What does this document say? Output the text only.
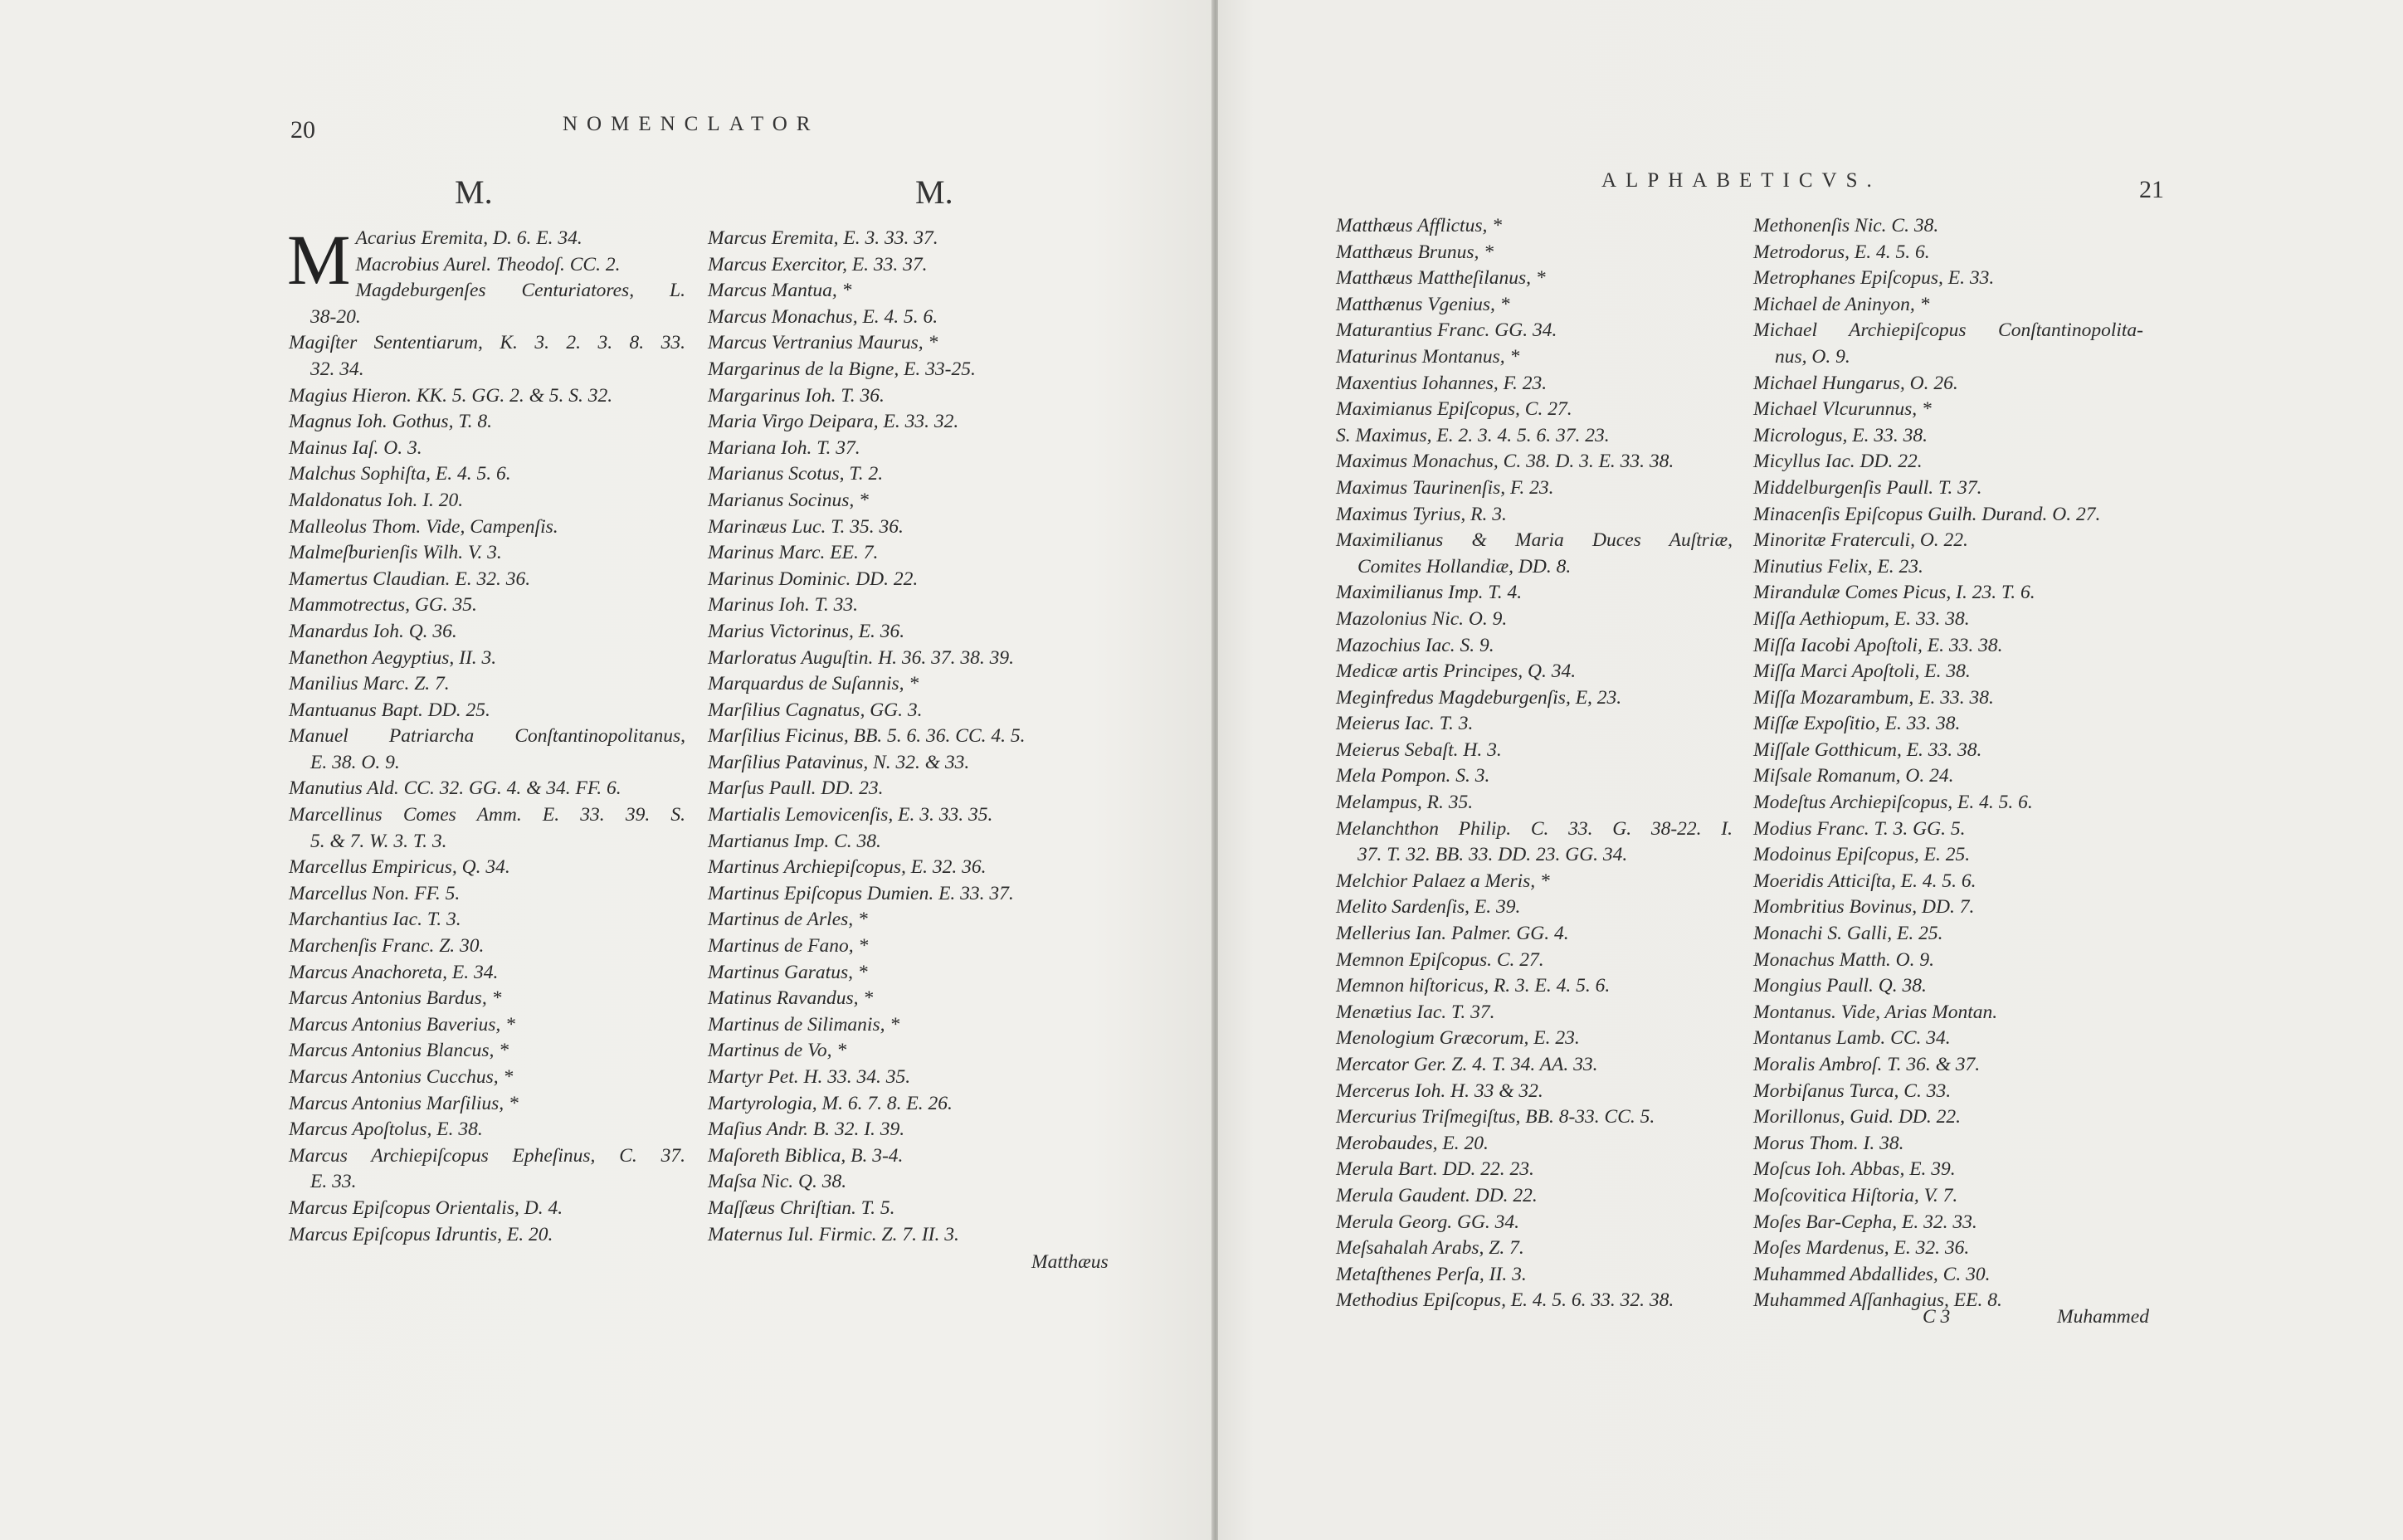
20	NOMENCLATOR
M.	M.
M Acarius Eremita, D. 6. E. 34.
Macrobius Aurel. Theodoſ. CC. 2.
Magdeburgenſes Centuriatores, L.
38-20.
Magiſter Sententiarum, K. 3. 2. 3. 8. 33.
32. 34.
Magius Hieron. KK. 5. GG. 2. & 5. S. 32.
Magnus Ioh. Gothus, T. 8.
Mainus Iaſ. O. 3.
Malchus Sophiſta, E. 4. 5. 6.
Maldonatus Ioh. I. 20.
Malleolus Thom. Vide, Campenſis.
Malmeſburienſis Wilh. V. 3.
Mamertus Claudian. E. 32. 36.
Mammotrectus, GG. 35.
Manardus Ioh. Q. 36.
Manethon Aegyptius, II. 3.
Manilius Marc. Z. 7.
Mantuanus Bapt. DD. 25.
Manuel Patriarcha Conſtantinopolitanus,
E. 38. O. 9.
Manutius Ald. CC. 32. GG. 4. & 34. FF. 6.
Marcellinus Comes Amm. E. 33. 39. S.
5. & 7. W. 3. T. 3.
Marcellus Empiricus, Q. 34.
Marcellus Non. FF. 5.
Marchantius Iac. T. 3.
Marchenſis Franc. Z. 30.
Marcus Anachoreta, E. 34.
Marcus Antonius Bardus, *
Marcus Antonius Baverius, *
Marcus Antonius Blancus, *
Marcus Antonius Cucchus, *
Marcus Antonius Marſilius, *
Marcus Apoſtolus, E. 38.
Marcus Archiepiſcopus Epheſinus, C. 37.
E. 33.
Marcus Epiſcopus Orientalis, D. 4.
Marcus Epiſcopus Idruntis, E. 20.
Marcus Eremita, E. 3. 33. 37.
Marcus Exercitor, E. 33. 37.
Marcus Mantua, *
Marcus Monachus, E. 4. 5. 6.
Marcus Vertranius Maurus, *
Margarinus de la Bigne, E. 33-25.
Margarinus Ioh. T. 36.
Maria Virgo Deipara, E. 33. 32.
Mariana Ioh. T. 37.
Marianus Scotus, T. 2.
Marianus Socinus, *
Marinæus Luc. T. 35. 36.
Marinus Marc. EE. 7.
Marinus Dominic. DD. 22.
Marinus Ioh. T. 33.
Marius Victorinus, E. 36.
Marloratus Auguſtin. H. 36. 37. 38. 39.
Marquardus de Suſannis, *
Marſilius Cagnatus, GG. 3.
Marſilius Ficinus, BB. 5. 6. 36. CC. 4. 5.
Marſilius Patavinus, N. 32. & 33.
Marſus Paull. DD. 23.
Martialis Lemovicenſis, E. 3. 33. 35.
Martianus Imp. C. 38.
Martinus Archiepiſcopus, E. 32. 36.
Martinus Epiſcopus Dumien. E. 33. 37.
Martinus de Arles, *
Martinus de Fano, *
Martinus Garatus, *
Matinus Ravandus, *
Martinus de Silimanis, *
Martinus de Vo, *
Martyr Pet. H. 33. 34. 35.
Martyrologia, M. 6. 7. 8. E. 26.
Maſius Andr. B. 32. I. 39.
Maſoreth Biblica, B. 3-4.
Maſsa Nic. Q. 38.
Maſſæus Chriſtian. T. 5.
Maternus Iul. Firmic. Z. 7. II. 3.
Matthæus
ALPHABETICVS.	21
Matthæus Afflictus, *
Matthæus Brunus, *
Matthæus Mattheſilanus, *
Matthænus Vgenius, *
Maturantius Franc. GG. 34.
Maturinus Montanus, *
Maxentius Iohannes, F. 23.
Maximianus Epiſcopus, C. 27.
S. Maximus, E. 2. 3. 4. 5. 6. 37. 23.
Maximus Monachus, C. 38. D. 3. E. 33. 38.
Maximus Taurinenſis, F. 23.
Maximus Tyrius, R. 3.
Maximilianus & Maria Duces Auſtriæ,
Comites Hollandiæ, DD. 8.
Maximilianus Imp. T. 4.
Mazolonius Nic. O. 9.
Mazochius Iac. S. 9.
Medicæ artis Principes, Q. 34.
Meginfredus Magdeburgenſis, E, 23.
Meierus Iac. T. 3.
Meierus Sebaſt. H. 3.
Mela Pompon. S. 3.
Melampus, R. 35.
Melanchthon Philip. C. 33. G. 38-22. I.
37. T. 32. BB. 33. DD. 23. GG. 34.
Melchior Palaez a Meris, *
Melito Sardenſis, E. 39.
Mellerius Ian. Palmer. GG. 4.
Memnon Epiſcopus. C. 27.
Memnon hiſtoricus, R. 3. E. 4. 5. 6.
Menætius Iac. T. 37.
Menologium Græcorum, E. 23.
Mercator Ger. Z. 4. T. 34. AA. 33.
Mercerus Ioh. H. 33 & 32.
Mercurius Triſmegiſtus, BB. 8-33. CC. 5.
Merobaudes, E. 20.
Merula Bart. DD. 22. 23.
Merula Gaudent. DD. 22.
Merula Georg. GG. 34.
Meſsahalah Arabs, Z. 7.
Metaſthenes Perſa, II. 3.
Methodius Epiſcopus, E. 4. 5. 6. 33. 32. 38.
Methonenſis Nic. C. 38.
Metrodorus, E. 4. 5. 6.
Metrophanes Epiſcopus, E. 33.
Michael de Aninyon, *
Michael Archiepiſcopus Conſtantinopolita-
nus, O. 9.
Michael Hungarus, O. 26.
Michael Vlcurunnus, *
Micrologus, E. 33. 38.
Micyllus Iac. DD. 22.
Middelburgenſis Paull. T. 37.
Minacenſis Epiſcopus Guilh. Durand. O. 27.
Minoritæ Fraterculi, O. 22.
Minutius Felix, E. 23.
Mirandulæ Comes Picus, I. 23. T. 6.
Miſſa Aethiopum, E. 33. 38.
Miſſa Iacobi Apoſtoli, E. 33. 38.
Miſſa Marci Apoſtoli, E. 38.
Miſſa Mozarambum, E. 33. 38.
Miſſæ Expoſitio, E. 33. 38.
Miſſale Gotthicum, E. 33. 38.
Miſsale Romanum, O. 24.
Modeſtus Archiepiſcopus, E. 4. 5. 6.
Modius Franc. T. 3. GG. 5.
Modoinus Epiſcopus, E. 25.
Moeridis Atticiſta, E. 4. 5. 6.
Mombritius Bovinus, DD. 7.
Monachi S. Galli, E. 25.
Monachus Matth. O. 9.
Mongius Paull. Q. 38.
Montanus. Vide, Arias Montan.
Montanus Lamb. CC. 34.
Moralis Ambroſ. T. 36. & 37.
Morbiſanus Turca, C. 33.
Morillonus, Guid. DD. 22.
Morus Thom. I. 38.
Moſcus Ioh. Abbas, E. 39.
Moſcovitica Hiſtoria, V. 7.
Moſes Bar-Cepha, E. 32. 33.
Moſes Mardenus, E. 32. 36.
Muhammed Abdallides, C. 30.
Muhammed Aſſanhagius, EE. 8.
C 3	Muhammed
